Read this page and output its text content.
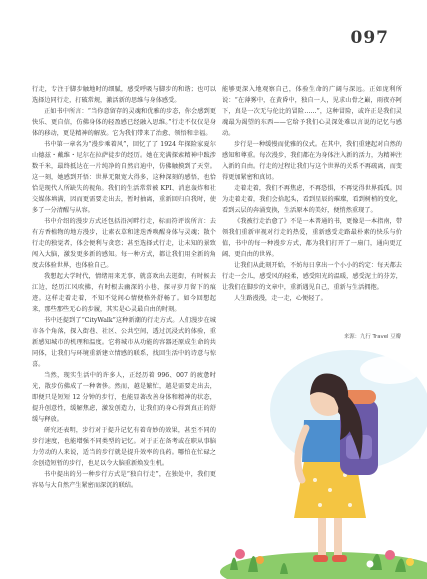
097

行走，专注于脚步触地时的细腻，感受呼吸与脚步的和谐；也可以选择边同行走，打破常规，激活新的思维与身体感受。

正如书中所言：“当你意留存的灵魂和优雅的步态，你会感到更快乐、更自信，仿佛身体的轻盈感已经融入思维。”行走不仅仅是身体的移动，更是精神的解放。它为我们带来了治愈、领悟和幸福。

书中第一章名为“漫步乘着风”，回忆了了 1924 年探险家夏尔山德兹・戴维・尼尔在拉萨徒步的经历。她在充满探索精神中跋涉数千米，最终抵达在一片纯净的自然启迪中，仿佛触摸到了天堂。这一刻，她感到开悟：世界无限宽大得多，这种深刻的感悟，也恰恰是现代人所缺失的视角。我们的生活常常被 KPI、消息轰炸和社交媒体填满，因而更需要走出去，暂时抽离，重新回归自我时，使多了一分清醒与从容。

书中介绍的漫步方式还包括沿河畔行走，标而符评诶所言：去有方香植物的地方漫步，让素衣草和迷迭香唤醒身体与灵魂；散个行走的独觉者，体会便利与贪恋；甚至选择式行走，让未知的景致闯入大脑，激发更多新的感知。每一种方式，都让我们用全新的角度去体验世界，也体验自己。

我想起大学时代，情绪用来无事，就喜欢出去逛街，有时候去江边，经历江风吹拂，有时根去幽深的小巷，探寻岁月留下的痕迹。这样走着走着，不知不觉间心情便格外舒畅了。如今回想起来，那些那些无心的步履，其实是心灵最自由的时刻。

书中还提到了“CityWalk”这种新潮的行走方式。人们漫步在城市各个角落，探入街巷、社区、公共空间，透过沉浸式的体验，重新感知城市的机理和温度。它将城市从功能的容器还原成生命的共同体，让我们与环境重新建立情感的联系，找回生活中的诗意与惊喜。

当然，现实生活中的许多人，正经历着 996、007 的疲惫时光，散步仿佛成了一种奢侈。然而，越是繁忙，越是需要走出去，即便只是短短 12 分钟的步行，也能显著改善身体和精神的状态，提升创意性，缓解焦虑，激发创造力，让我们的身心得到真正的舒缓与释放。

研究还表明，步行对于提升记忆有着奇妙的效果，甚至不同的步行速度，也能增强不同类型的记忆。对于正在备考或在职从事脑力劳动的人来说，适当的步行就是提升效率的良药。哪怕在忙碌之余创造短暂的步行，也足以令大脑重新焕发生机。

书中提出的另一种步行方式是“独自行走”，在独处中，我们更容易与大自然产生紧密而深沉的联结。

能够更深入地观察自己，体验生命的广阔与深远。正如庞利所说：“在薄雾中，在黄昏中，独自一人，见求山骨之巅，雨夜亦阿下，真是一次无与伦比的冒险……”，这种冒险，或许正是我们灵魂最为渴望的东西——它给予我们心灵深处难以言说的记忆与感动。

步行是一种缓慢而优雅的仪式。在其中，我们重建起对自然的感知和尊重。每次漫步，我们都在为身体注入新的活力，为精神注入新的自由。行走的过程让我们与这个世界的关系不再疏离，而变得更加紧密和真切。

走着走着，我们不再焦虑，不再恐惧，不再觉得世界孤孤。因为走着走着，我们会拾起头，看到星辰的璀璨，看到树梢的变化，看到云层的奔涌变换，生活原本的美好，便悄然重现了。

《我被行走治愈了》不是一本普通的书，更像是一本指南，带领我们重新审视对行走的热爱，重新感受走路最朴素的快乐与价值，书中的每一种漫步方式，都为我们打开了一扇门，通向更辽阔、更自由的世界。

让我们从此刻开始，不妨每日拿出一个小小的约定：每天都去行走一会儿，感受风的轻柔，感受阳光的温暖，感受泥土的芬芳，让我们在脚步的文章中，重新遇见自己，重新与生活拥抱。

人生路漫漫，走一走，心便轻了。

来源：九行 Travel 豆瓣
